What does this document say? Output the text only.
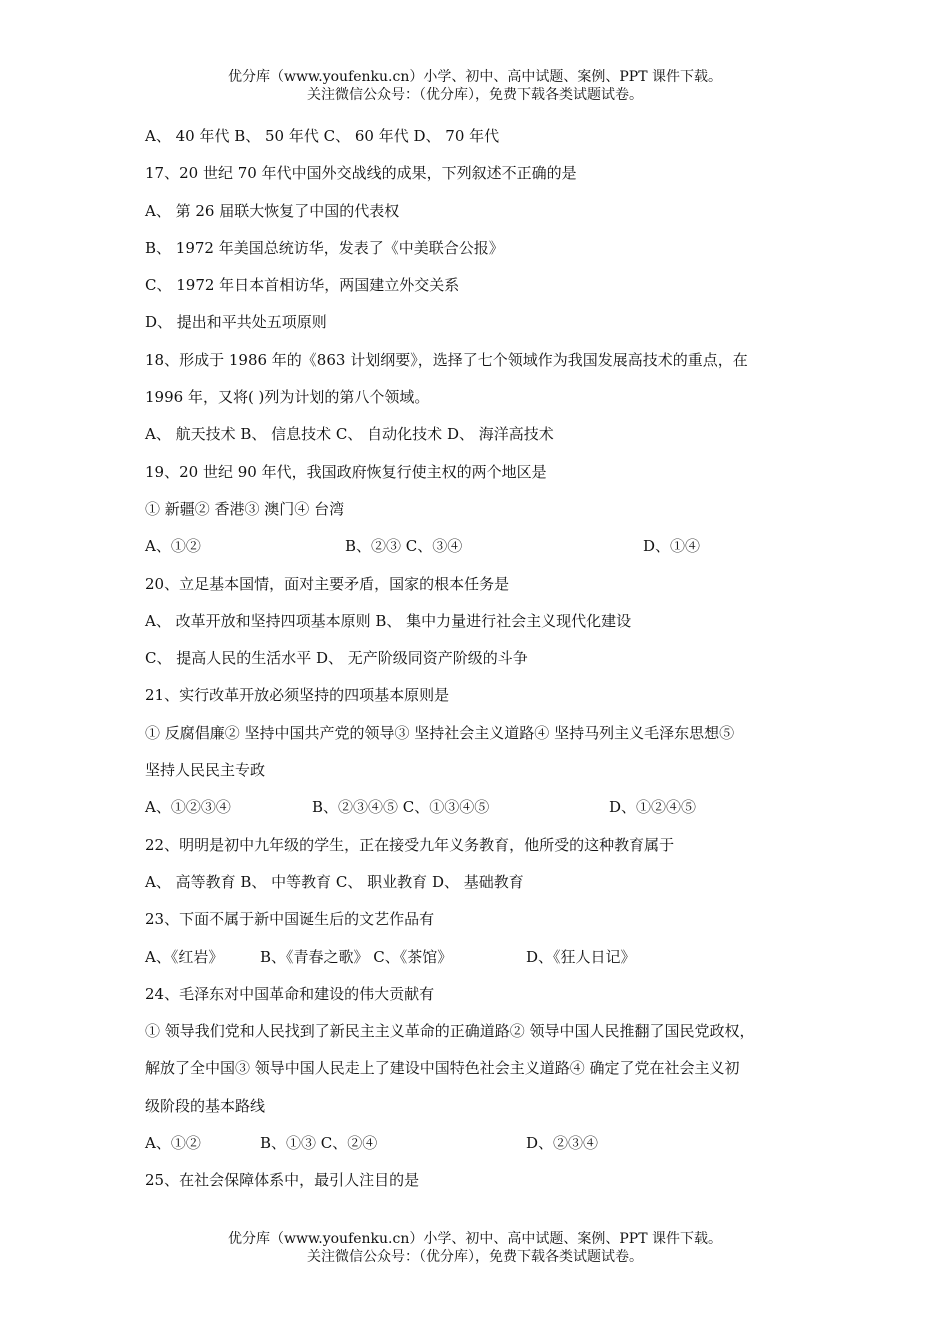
优分库（www.youfenku.cn）小学、初中、高中试题、案例、PPT 课件下载。
关注微信公众号：（优分库），免费下载各类试题试卷。
A、 40 年代 B、 50 年代 C、 60 年代 D、 70 年代
17、20 世纪 70 年代中国外交战线的成果，下列叙述不正确的是
A、 第 26 届联大恢复了中国的代表权
B、 1972 年美国总统访华，发表了《中美联合公报》
C、 1972 年日本首相访华，两国建立外交关系
D、 提出和平共处五项原则
18、形成于 1986 年的《863 计划纲要》，选择了七个领域作为我国发展高技术的重点，在
1996 年，又将( )列为计划的第八个领域。
A、 航天技术 B、 信息技术 C、 自动化技术 D、 海洋高技术
19、20 世纪 90 年代，我国政府恢复行使主权的两个地区是
① 新疆② 香港③ 澳门④ 台湾
A、①②	B、②③ C、③④	D、①④
20、立足基本国情，面对主要矛盾，国家的根本任务是
A、 改革开放和坚持四项基本原则 B、 集中力量进行社会主义现代化建设
C、 提高人民的生活水平 D、 无产阶级同资产阶级的斗争
21、实行改革开放必须坚持的四项基本原则是
① 反腐倡廉② 坚持中国共产党的领导③ 坚持社会主义道路④ 坚持马列主义毛泽东思想⑤
坚持人民民主专政
A、①②③④	B、②③④⑤ C、①③④⑤	D、①②④⑤
22、明明是初中九年级的学生，正在接受九年义务教育，他所受的这种教育属于
A、 高等教育 B、 中等教育 C、 职业教育 D、 基础教育
23、下面不属于新中国诞生后的文艺作品有
A、《红岩》 B、《青春之歌》 C、《茶馆》	D、《狂人日记》
24、毛泽东对中国革命和建设的伟大贡献有
① 领导我们党和人民找到了新民主主义革命的正确道路② 领导中国人民推翻了国民党政权，
解放了全中国③ 领导中国人民走上了建设中国特色社会主义道路④ 确定了党在社会主义初
级阶段的基本路线
A、①②	B、①③ C、②④	D、②③④
25、在社会保障体系中，最引人注目的是
优分库（www.youfenku.cn）小学、初中、高中试题、案例、PPT 课件下载。
关注微信公众号：（优分库），免费下载各类试题试卷。
